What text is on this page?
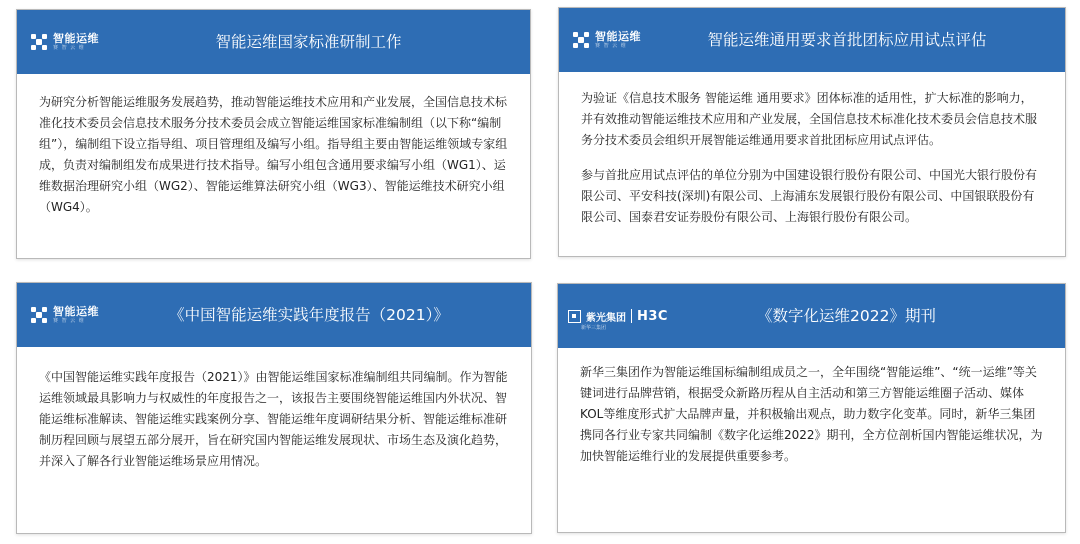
智能运维
赛 智 云 维	智能运维国家标准研制工作

为研究分析智能运维服务发展趋势，推动智能运维技术应用和产业发展，全国信息技术标准化技术委员会信息技术服务分技术委员会成立智能运维国家标准编制组（以下称“编制组”），编制组下设立指导组、项目管理组及编写小组。指导组主要由智能运维领域专家组成，负责对编制组发布成果进行技术指导。编写小组包含通用要求编写小组（WG1）、运维数据治理研究小组（WG2）、智能运维算法研究小组（WG3）、智能运维技术研究小组（WG4）。

智能运维
赛 智 云 维	智能运维通用要求首批团标应用试点评估

为验证《信息技术服务 智能运维 通用要求》团体标准的适用性，扩大标准的影响力，并有效推动智能运维技术应用和产业发展，全国信息技术标准化技术委员会信息技术服务分技术委员会组织开展智能运维通用要求首批团标应用试点评估。

参与首批应用试点评估的单位分别为中国建设银行股份有限公司、中国光大银行股份有限公司、平安科技(深圳)有限公司、上海浦东发展银行股份有限公司、中国银联股份有限公司、国泰君安证券股份有限公司、上海银行股份有限公司。

智能运维
赛 智 云 维	《中国智能运维实践年度报告（2021）》

《中国智能运维实践年度报告（2021）》由智能运维国家标准编制组共同编制。作为智能运维领域最具影响力与权威性的年度报告之一，该报告主要围绕智能运维国内外状况、智能运维标准解读、智能运维实践案例分享、智能运维年度调研结果分析、智能运维标准研制历程回顾与展望五部分展开，旨在研究国内智能运维发展现状、市场生态及演化趋势，并深入了解各行业智能运维场景应用情况。

紫光集团 H3C
新华三集团
《数字化运维2022》期刊

新华三集团作为智能运维国标编制组成员之一，全年围绕“智能运维”、“统一运维”等关键词进行品牌营销，根据受众新路历程从自主活动和第三方智能运维圈子活动、媒体KOL等维度形式扩大品牌声量，并积极输出观点，助力数字化变革。同时，新华三集团携同各行业专家共同编制《数字化运维2022》期刊，全方位剖析国内智能运维状况，为加快智能运维行业的发展提供重要参考。
